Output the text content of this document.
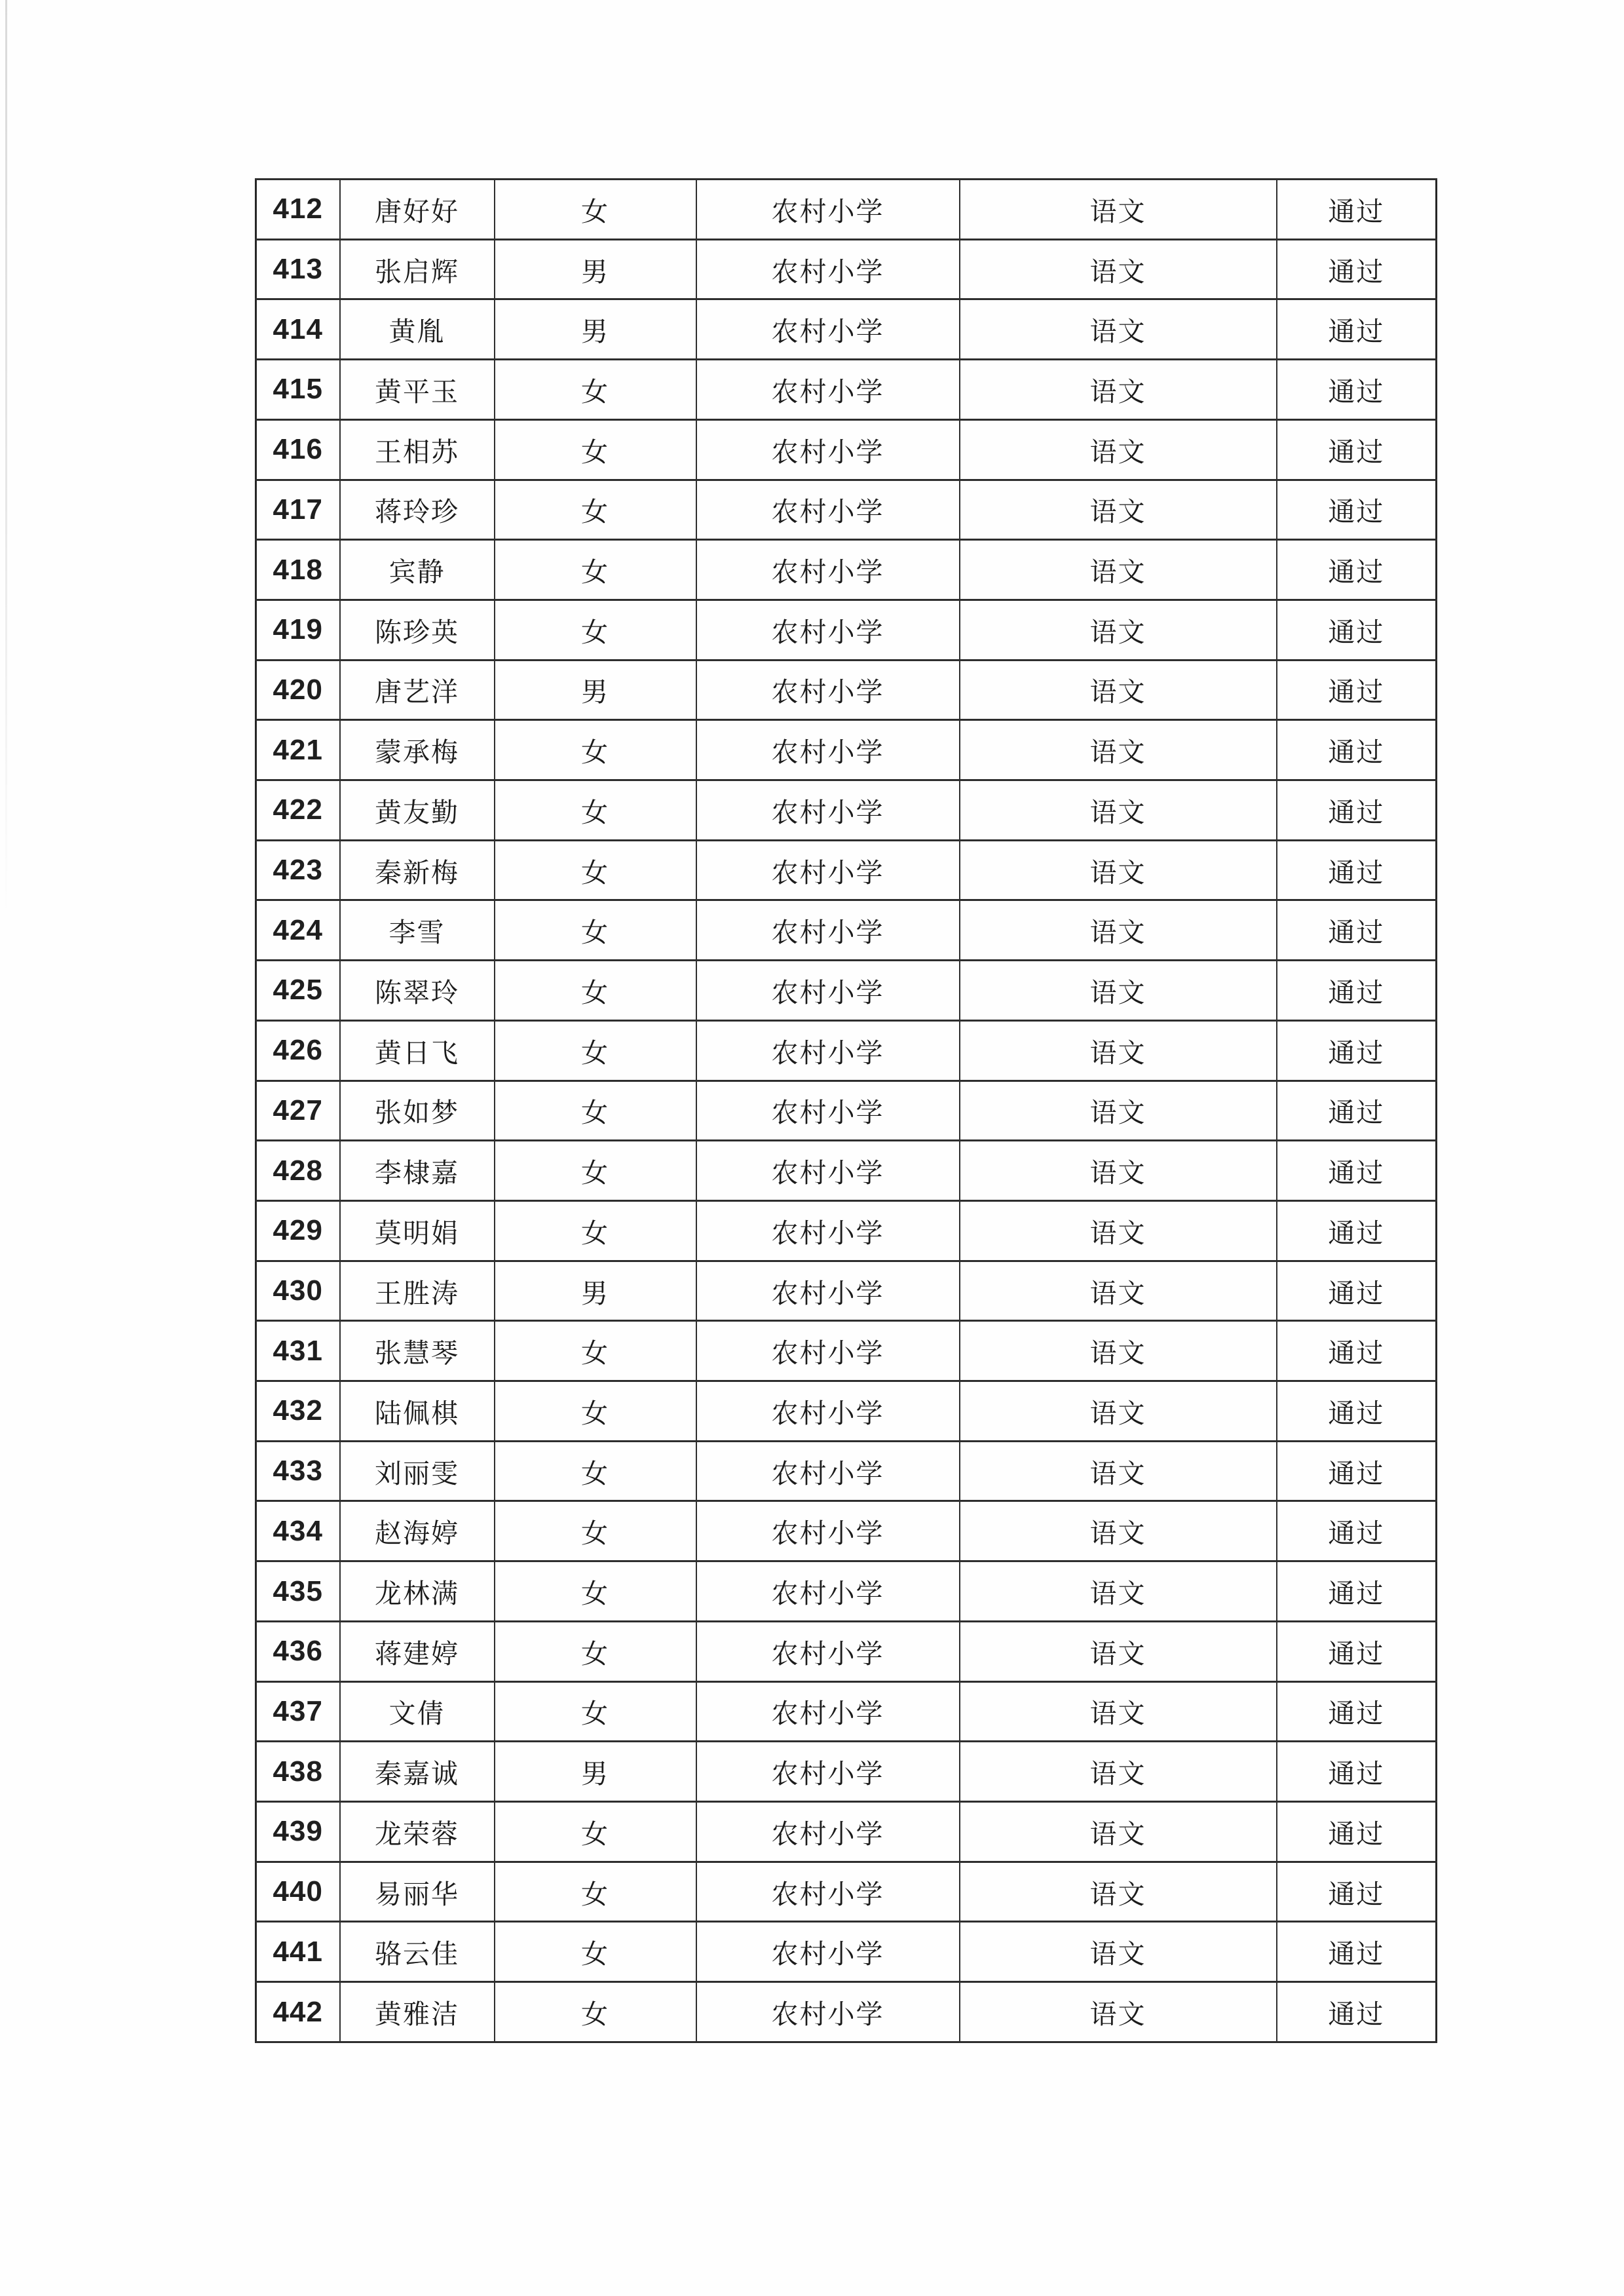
412	唐好好	女	农村小学	语文	通过
413	张启辉	男	农村小学	语文	通过
414	黄胤	男	农村小学	语文	通过
415	黄平玉	女	农村小学	语文	通过
416	王相苏	女	农村小学	语文	通过
417	蒋玲珍	女	农村小学	语文	通过
418	宾静	女	农村小学	语文	通过
419	陈珍英	女	农村小学	语文	通过
420	唐艺洋	男	农村小学	语文	通过
421	蒙承梅	女	农村小学	语文	通过
422	黄友勤	女	农村小学	语文	通过
423	秦新梅	女	农村小学	语文	通过
424	李雪	女	农村小学	语文	通过
425	陈翠玲	女	农村小学	语文	通过
426	黄日飞	女	农村小学	语文	通过
427	张如梦	女	农村小学	语文	通过
428	李棣嘉	女	农村小学	语文	通过
429	莫明娟	女	农村小学	语文	通过
430	王胜涛	男	农村小学	语文	通过
431	张慧琴	女	农村小学	语文	通过
432	陆佩棋	女	农村小学	语文	通过
433	刘丽雯	女	农村小学	语文	通过
434	赵海婷	女	农村小学	语文	通过
435	龙林满	女	农村小学	语文	通过
436	蒋建婷	女	农村小学	语文	通过
437	文倩	女	农村小学	语文	通过
438	秦嘉诚	男	农村小学	语文	通过
439	龙荣蓉	女	农村小学	语文	通过
440	易丽华	女	农村小学	语文	通过
441	骆云佳	女	农村小学	语文	通过
442	黄雅洁	女	农村小学	语文	通过
